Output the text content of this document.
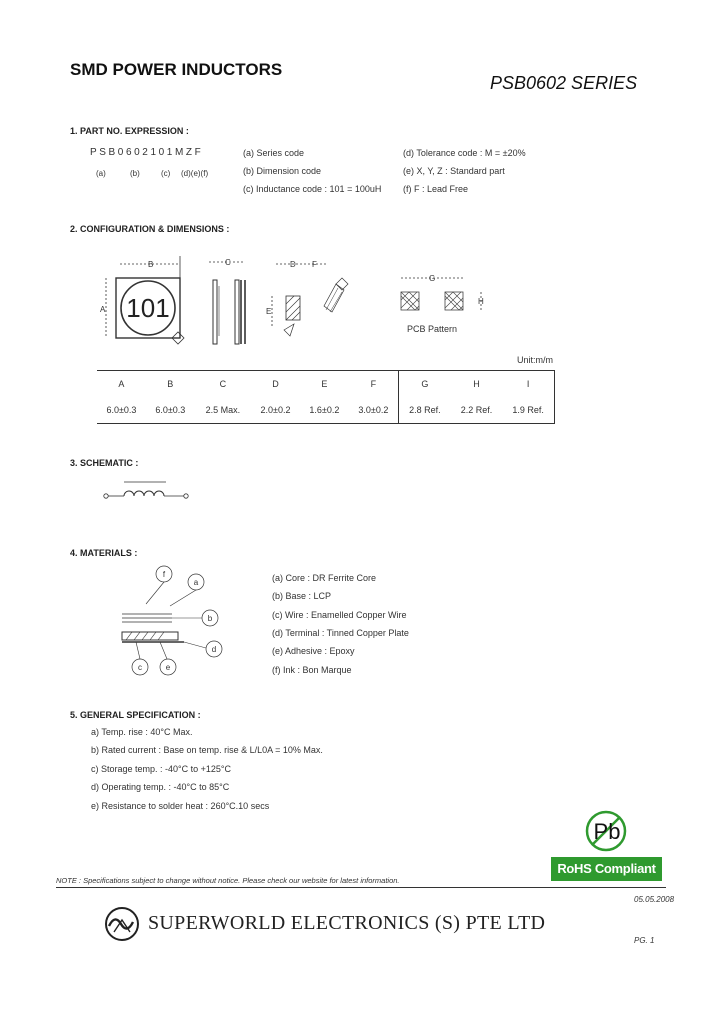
SMD POWER INDUCTORS
PSB0602 SERIES
1. PART NO. EXPRESSION :
PSB0602101MZF
(a)	(b)	(c) (d)(e)(f)
(a) Series code
(b) Dimension code
(c) Inductance code : 101 = 100uH
(d) Tolerance code : M = ±20%
(e) X, Y, Z : Standard part
(f) F : Lead Free
2. CONFIGURATION & DIMENSIONS :
B
A 101
C	D F
E
G
H
PCB Pattern
Unit:m/m
A	B	C	D	E	F	G	H	I
6.0±0.3	6.0±0.3	2.5 Max.	2.0±0.2	1.6±0.2	3.0±0.2	2.8 Ref.	2.2 Ref.	1.9 Ref.
3. SCHEMATIC :
4. MATERIALS :
f
a
b
d
c	e
(a) Core : DR Ferrite Core
(b) Base : LCP
(c) Wire : Enamelled Copper Wire
(d) Terminal : Tinned Copper Plate
(e) Adhesive : Epoxy
(f) Ink : Bon Marque
5. GENERAL SPECIFICATION :
a) Temp. rise : 40°C Max.
b) Rated current : Base on temp. rise & L/L0A = 10% Max.
c) Storage temp. : -40°C to +125°C
d) Operating temp. : -40°C to 85°C
e) Resistance to solder heat : 260°C.10 secs
Pb
RoHS Compliant
NOTE : Specifications subject to change without notice. Please check our website for latest information.
05.05.2008
SUPERWORLD ELECTRONICS (S) PTE LTD
PG. 1
